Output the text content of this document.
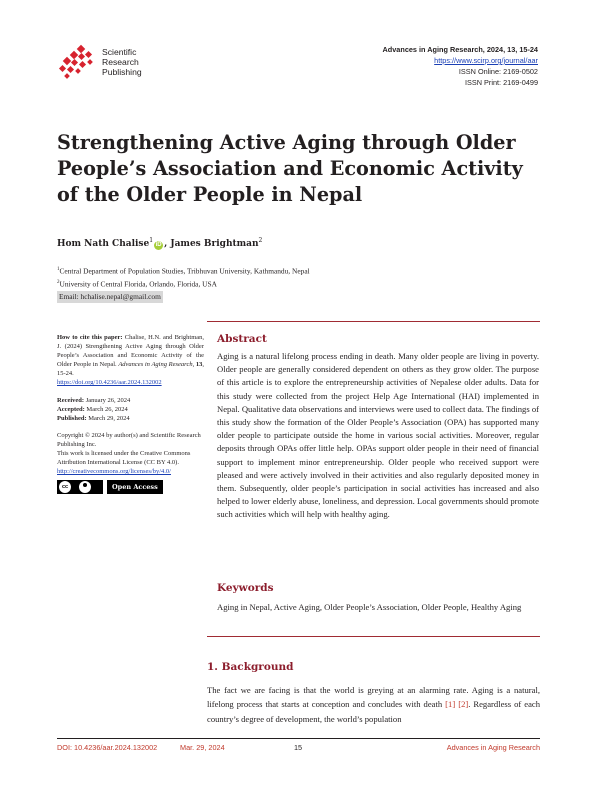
Scientific
Research
Publishing
Advances in Aging Research, 2024, 13, 15-24
https://www.scirp.org/journal/aar
ISSN Online: 2169-0502
ISSN Print: 2169-0499
Strengthening Active Aging through Older People’s Association and Economic Activity of the Older People in Nepal
Hom Nath Chalise$^1$iD , James Brightman$^2$
$^1$Central Department of Population Studies, Tribhuvan University, Kathmandu, Nepal
$^2$University of Central Florida, Orlando, Florida, USA
Email: hchalise.nepal@gmail.com
How to cite this paper: Chalise, H.N. and Brightman, J. (2024) Strengthening Active Aging through Older People’s Association and Economic Activity of the Older People in Nepal. Advances in Aging Research, 13, 15-24.
https://doi.org/10.4236/aar.2024.132002
Received: January 26, 2024
Accepted: March 26, 2024
Published: March 29, 2024
Copyright © 2024 by author(s) and Scientific Research Publishing Inc.
This work is licensed under the Creative Commons Attribution International License (CC BY 4.0).
http://creativecommons.org/licenses/by/4.0/
cc	Open Access
Abstract
Aging is a natural lifelong process ending in death. Many older people are living in poverty. Older people are generally considered dependent on others as they grow older. The purpose of this article is to explore the entrepreneurship activities of Nepalese older adults. Data for this study were collected from the project Help Age International (HAI) implemented in Nepal. Qualitative data observations and interviews were used to collect data. The findings of this study show the formation of the Older People’s Association (OPA) has supported many older people to participate outside the home in various social activities. Moreover, regular deposits through OPAs offer little help. OPAs support older people in their need of financial support to implement minor entrepreneurship. Older people who received support were pleased and were actively involved in their activities and also regularly deposited money in them. Subsequently, older people’s participation in social activities has increased and also helped to lower elderly abuse, loneliness, and depression. Local governments should promote such activities which will help with healthy aging.
Keywords
Aging in Nepal, Active Aging, Older People’s Association, Older People, Healthy Aging
1. Background
The fact we are facing is that the world is greying at an alarming rate. Aging is a natural, lifelong process that starts at conception and concludes with death [1] [2]. Regardless of each country’s degree of development, the world’s population
DOI: 10.4236/aar.2024.132002	Mar. 29, 2024	15	Advances in Aging Research
